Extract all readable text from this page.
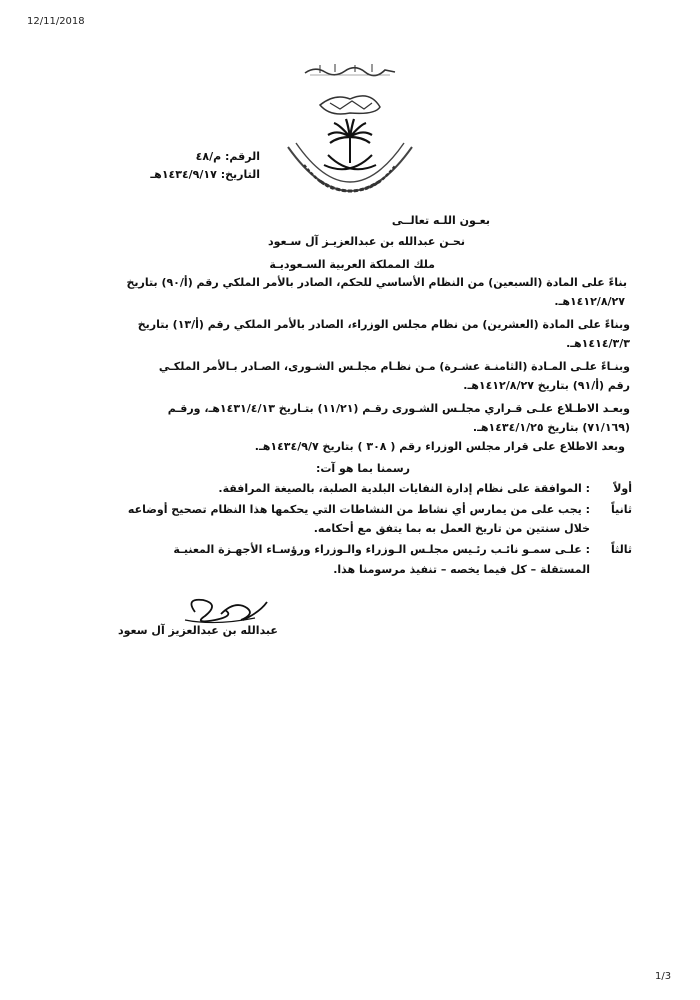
12/11/2018
الرقم: م/٤٨
التاريخ: ١٤٣٤/٩/١٧هـ
بعـون اللـه تعالــى
نحـن عبدالله بن عبدالعزيـز آل سـعود
ملك المملكة العربية السـعوديـة
بناءً على المادة (السبعين) من النظام الأساسي للحكم، الصادر بالأمر الملكي رقم (أ/٩٠) بتاريخ
١٤١٢/٨/٢٧هـ.
وبناءً على المادة (العشرين) من نظام مجلس الوزراء، الصادر بالأمر الملكي رقم (أ/١٣) بتاريخ
١٤١٤/٣/٣هـ.
وبنـاءً علـى المـادة (الثامنـة عشـرة) مـن نظـام مجلـس الشـورى، الصـادر بـالأمر الملكـي
رقم (أ/٩١) بتاريخ ١٤١٢/٨/٢٧هـ.
وبعـد الاطـلاع علـى قـراري مجلـس الشـورى رقـم (١١/٢١) بتـاريخ ١٤٣١/٤/١٣هـ، ورقـم
(٧١/١٦٩) بتاريخ ١٤٣٤/١/٢٥هـ.
وبعد الاطلاع على قرار مجلس الوزراء رقم ( ٣٠٨ ) بتاريخ ١٤٣٤/٩/٧هـ.
رسمنا بما هو آت:
أولاً
: الموافقة على نظام إدارة النفايات البلدية الصلبة، بالصيغة المرافقة.
ثانياً
: يجب على من يمارس أي نشاط من النشاطات التي يحكمها هذا النظام تصحيح أوضاعه
خلال سنتين من تاريخ العمل به بما يتفق مع أحكامه.
ثالثاً
: علـى سمـو نائـب رئـيس مجلـس الـوزراء والـوزراء ورؤسـاء الأجهـزة المعنيـة
المستقلة – كل فيما يخصه – تنفيذ مرسومنا هذا.
عبدالله بن عبدالعزيز آل سعود
1/3
